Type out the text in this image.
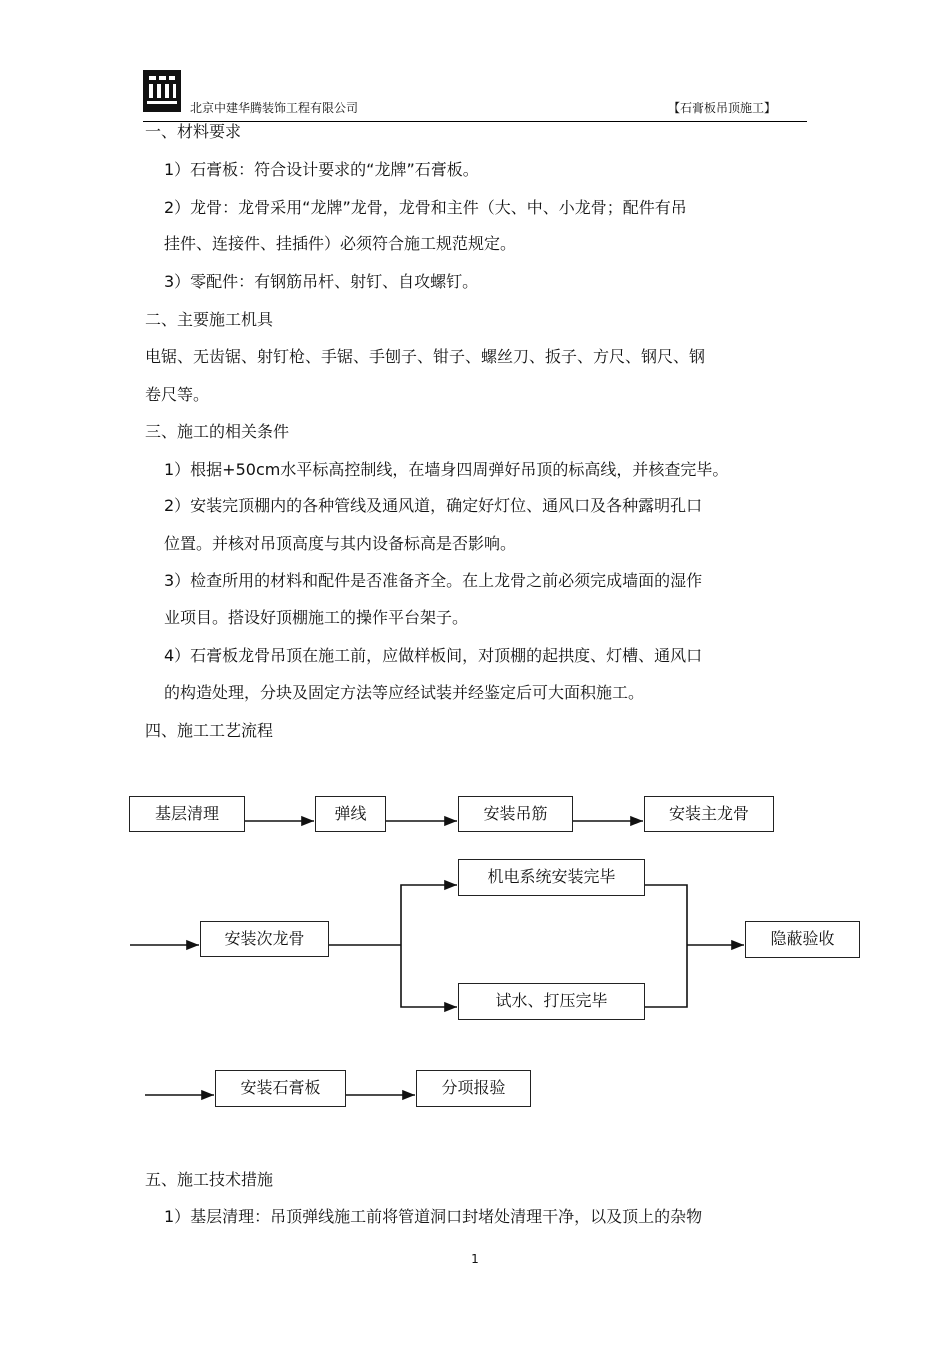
北京中建华腾装饰工程有限公司	【石膏板吊顶施工】
一、材料要求
1）石膏板：符合设计要求的“龙牌”石膏板。
2）龙骨：龙骨采用“龙牌”龙骨，龙骨和主件（大、中、小龙骨；配件有吊
挂件、连接件、挂插件）必须符合施工规范规定。
3）零配件：有钢筋吊杆、射钉、自攻螺钉。
二、主要施工机具
电锯、无齿锯、射钉枪、手锯、手刨子、钳子、螺丝刀、扳子、方尺、钢尺、钢
卷尺等。
三、施工的相关条件
1）根据+50cm水平标高控制线，在墙身四周弹好吊顶的标高线，并核查完毕。
2）安装完顶棚内的各种管线及通风道，确定好灯位、通风口及各种露明孔口
位置。并核对吊顶高度与其内设备标高是否影响。
3）检查所用的材料和配件是否准备齐全。在上龙骨之前必须完成墙面的湿作
业项目。搭设好顶棚施工的操作平台架子。
4）石膏板龙骨吊顶在施工前，应做样板间，对顶棚的起拱度、灯槽、通风口
的构造处理，分块及固定方法等应经试装并经鉴定后可大面积施工。
四、施工工艺流程
基层清理	弹线	安装吊筋	安装主龙骨
安装次龙骨
机电系统安装完毕
试水、打压完毕
隐蔽验收
安装石膏板	分项报验
五、施工技术措施
1）基层清理：吊顶弹线施工前将管道洞口封堵处清理干净，以及顶上的杂物
1
